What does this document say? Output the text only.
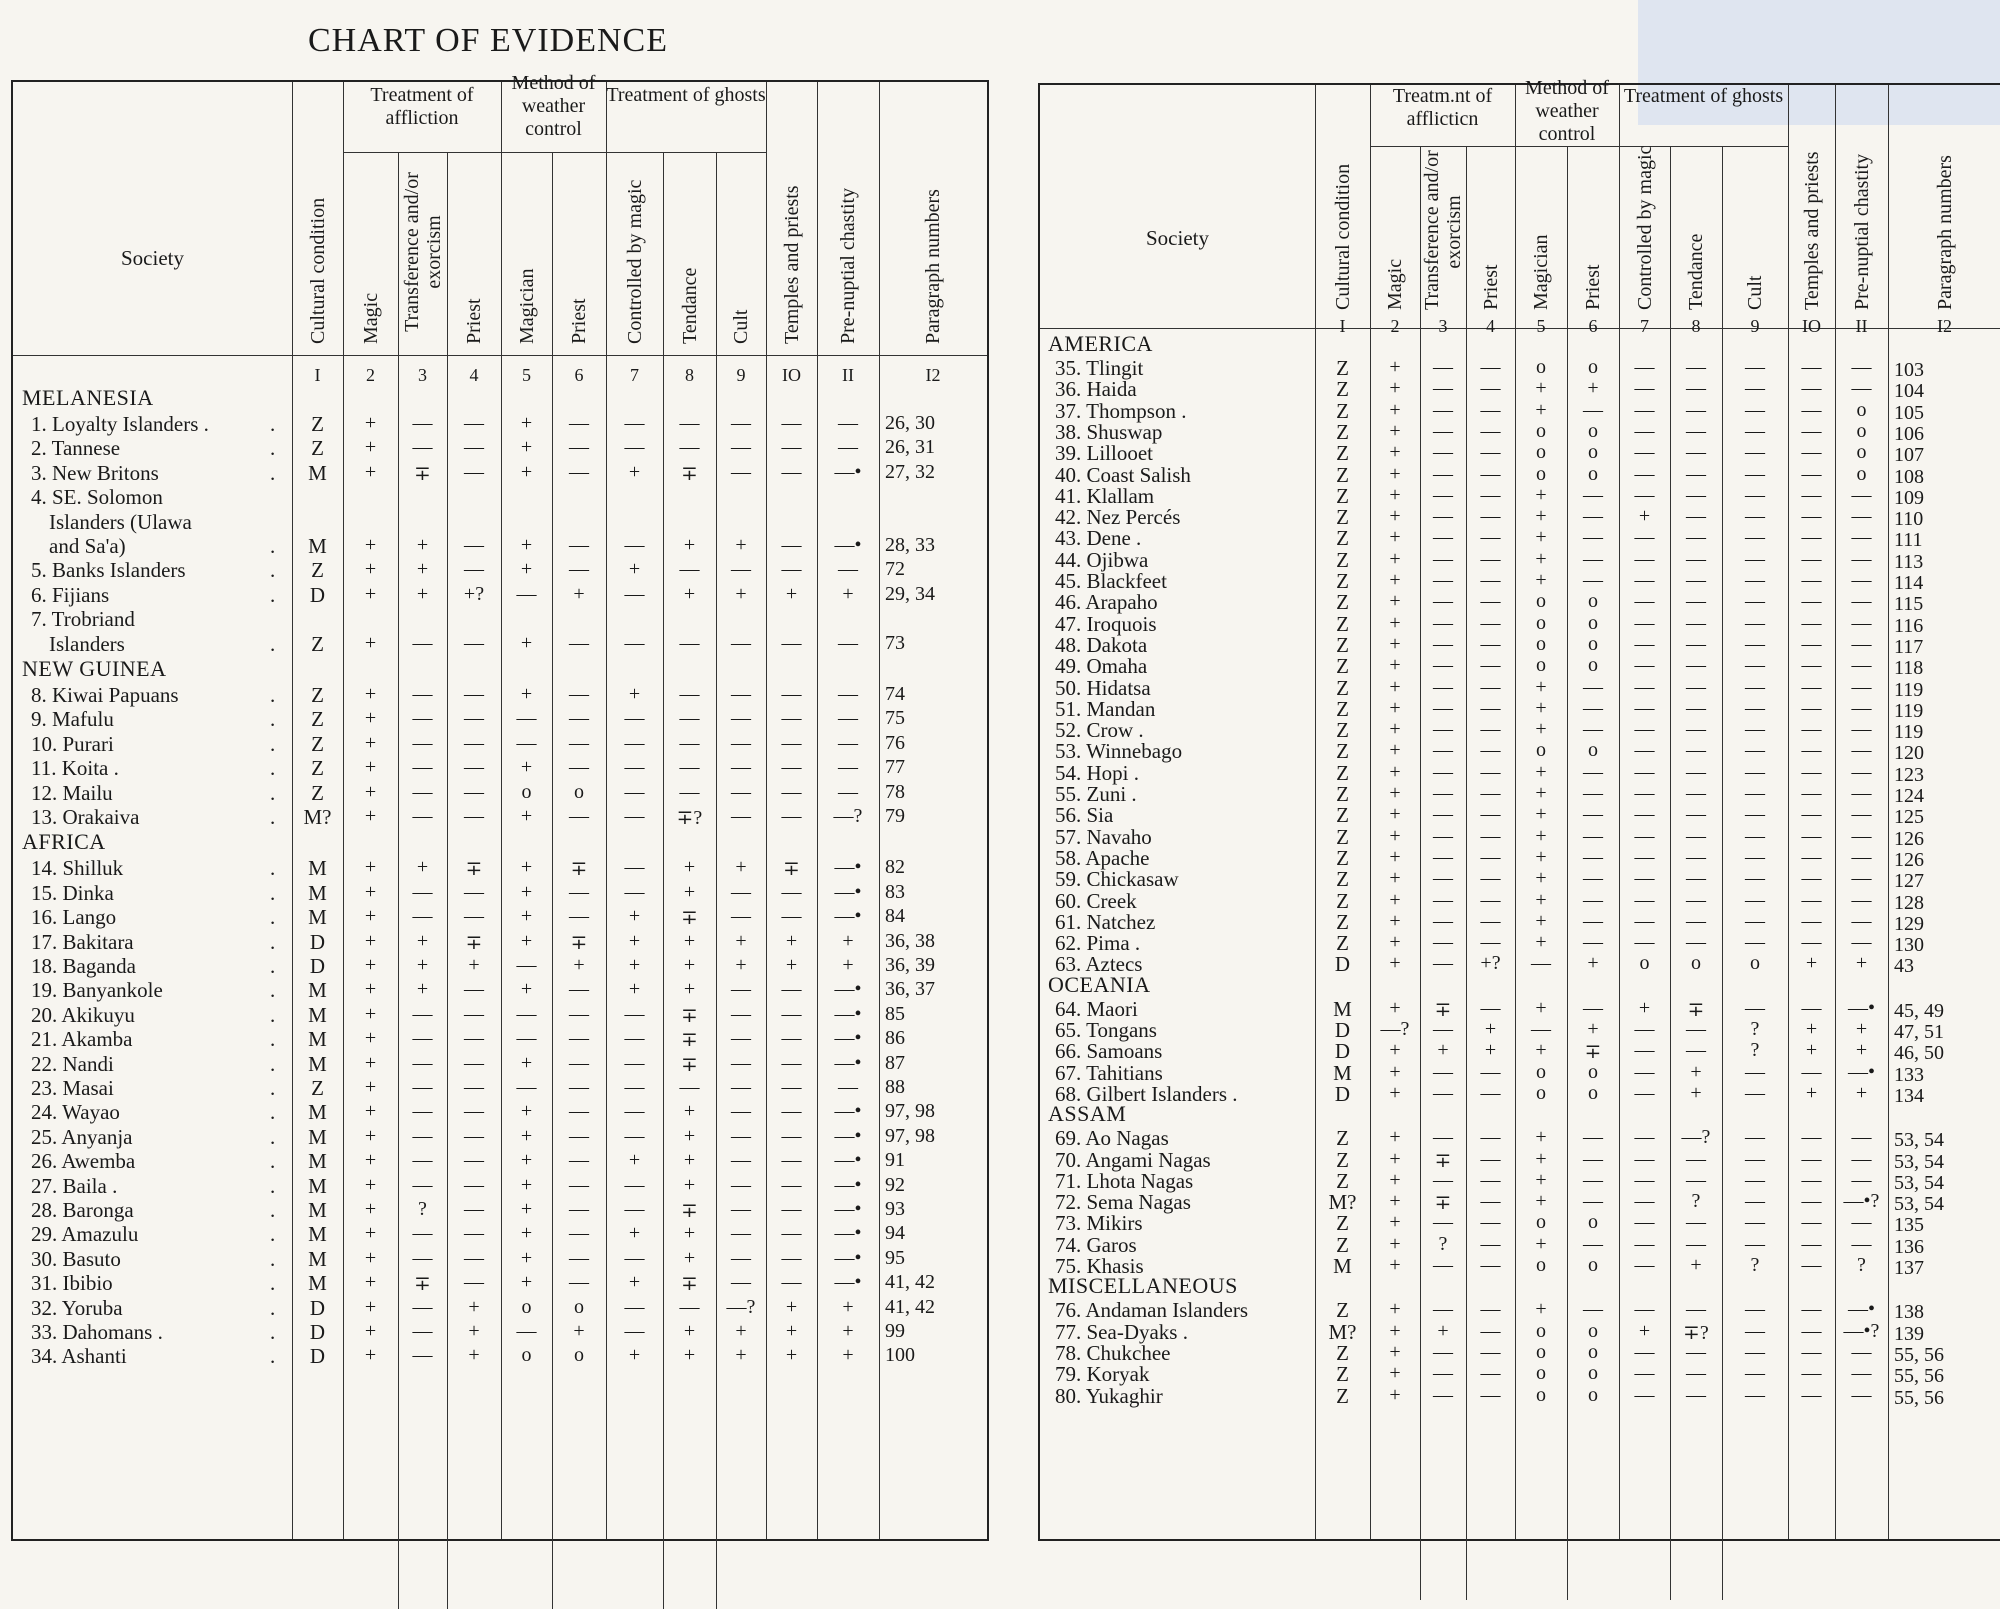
CHART OF EVIDENCE
Treatment of affliction
Method of weather control
Treatment of ghosts
Society	Cultural condition
I
Magic
2
Transference and/or exorcism
3
Priest
4
Magician
5
Priest
6
Controlled by magic
7
Tendance
8
Cult
9
Temples and priests
IO
Pre-nuptial chastity
II
Paragraph numbers
I2
MELANESIA
1. Loyalty Islanders .	.	Z	+	—	—	+	—	—	—	—	—	—	26, 30
2. Tannese	.	Z	+	—	—	+	—	—	—	—	—	—	26, 31
3. New Britons	.	M	+	∓	—	+	—	+	∓	—	—	—•	27, 32
4. SE. Solomon
Islanders (Ulawa
and Sa'a)	.	M	+	+	—	+	—	—	+	+	—	—•	28, 33
5. Banks Islanders	.	Z	+	+	—	+	—	+	—	—	—	—	72
6. Fijians	.	D	+	+	+?	—	+	—	+	+	+	+	29, 34
7. Trobriand
Islanders	.	Z	+	—	—	+	—	—	—	—	—	—	73
NEW GUINEA
8. Kiwai Papuans	.	Z	+	—	—	+	—	+	—	—	—	—	74
9. Mafulu	.	Z	+	—	—	—	—	—	—	—	—	—	75
10. Purari	.	Z	+	—	—	—	—	—	—	—	—	—	76
11. Koita .	.	Z	+	—	—	+	—	—	—	—	—	—	77
12. Mailu	.	Z	+	—	—	o	o	—	—	—	—	—	78
13. Orakaiva	.	M?	+	—	—	+	—	—	∓?	—	—	—?	79
AFRICA
14. Shilluk	.	M	+	+	∓	+	∓	—	+	+	∓	—•	82
15. Dinka	.	M	+	—	—	+	—	—	+	—	—	—•	83
16. Lango	.	M	+	—	—	+	—	+	∓	—	—	—•	84
17. Bakitara	.	D	+	+	∓	+	∓	+	+	+	+	+	36, 38
18. Baganda	.	D	+	+	+	—	+	+	+	+	+	+	36, 39
19. Banyankole	.	M	+	+	—	+	—	+	+	—	—	—•	36, 37
20. Akikuyu	.	M	+	—	—	—	—	—	∓	—	—	—•	85
21. Akamba	.	M	+	—	—	—	—	—	∓	—	—	—•	86
22. Nandi	.	M	+	—	—	+	—	—	∓	—	—	—•	87
23. Masai	.	Z	+	—	—	—	—	—	—	—	—	—	88
24. Wayao	.	M	+	—	—	+	—	—	+	—	—	—•	97, 98
25. Anyanja	.	M	+	—	—	+	—	—	+	—	—	—•	97, 98
26. Awemba	.	M	+	—	—	+	—	+	+	—	—	—•	91
27. Baila .	.	M	+	—	—	+	—	—	+	—	—	—•	92
28. Baronga	.	M	+	?	—	+	—	—	∓	—	—	—•	93
29. Amazulu	.	M	+	—	—	+	—	+	+	—	—	—•	94
30. Basuto	.	M	+	—	—	+	—	—	+	—	—	—•	95
31. Ibibio	.	M	+	∓	—	+	—	+	∓	—	—	—•	41, 42
32. Yoruba	.	D	+	—	+	o	o	—	—	—?	+	+	41, 42
33. Dahomans .	.	D	+	—	+	—	+	—	+	+	+	+	99
34. Ashanti	.	D	+	—	+	o	o	+	+	+	+	+	100
Treatm.nt of afflicticn
Method of weather control
Treatment of ghosts
Society	Cultural condition
I
Magic
2
Transference and/or exorcism
3
Priest
4
Magician
5
Priest
6
Controlled by magic
7
Tendance
8
Cult
9
Temples and priests
IO
Pre-nuptial chastity
II
Paragraph numbers
I2
AMERICA
35. Tlingit	Z	+	—	—	o	o	—	—	—	—	—	103
36. Haida	Z	+	—	—	+	+	—	—	—	—	—	104
37. Thompson .	Z	+	—	—	+	—	—	—	—	—	o	105
38. Shuswap	Z	+	—	—	o	o	—	—	—	—	o	106
39. Lillooet	Z	+	—	—	o	o	—	—	—	—	o	107
40. Coast Salish	Z	+	—	—	o	o	—	—	—	—	o	108
41. Klallam	Z	+	—	—	+	—	—	—	—	—	—	109
42. Nez Percés	Z	+	—	—	+	—	+	—	—	—	—	110
43. Dene .	Z	+	—	—	+	—	—	—	—	—	—	111
44. Ojibwa	Z	+	—	—	+	—	—	—	—	—	—	113
45. Blackfeet	Z	+	—	—	+	—	—	—	—	—	—	114
46. Arapaho	Z	+	—	—	o	o	—	—	—	—	—	115
47. Iroquois	Z	+	—	—	o	o	—	—	—	—	—	116
48. Dakota	Z	+	—	—	o	o	—	—	—	—	—	117
49. Omaha	Z	+	—	—	o	o	—	—	—	—	—	118
50. Hidatsa	Z	+	—	—	+	—	—	—	—	—	—	119
51. Mandan	Z	+	—	—	+	—	—	—	—	—	—	119
52. Crow .	Z	+	—	—	+	—	—	—	—	—	—	119
53. Winnebago	Z	+	—	—	o	o	—	—	—	—	—	120
54. Hopi .	Z	+	—	—	+	—	—	—	—	—	—	123
55. Zuni .	Z	+	—	—	+	—	—	—	—	—	—	124
56. Sia	Z	+	—	—	+	—	—	—	—	—	—	125
57. Navaho	Z	+	—	—	+	—	—	—	—	—	—	126
58. Apache	Z	+	—	—	+	—	—	—	—	—	—	126
59. Chickasaw	Z	+	—	—	+	—	—	—	—	—	—	127
60. Creek	Z	+	—	—	+	—	—	—	—	—	—	128
61. Natchez	Z	+	—	—	+	—	—	—	—	—	—	129
62. Pima .	Z	+	—	—	+	—	—	—	—	—	—	130
63. Aztecs	D	+	—	+?	—	+	o	o	o	+	+	43
OCEANIA
64. Maori	M	+	∓	—	+	—	+	∓	—	—	—• 45, 49
65. Tongans	D	—?	—	+	—	+	—	—	?	+	+	47, 51
66. Samoans	D	+	+	+	+	∓	—	—	?	+	+	46, 50
67. Tahitians	M	+	—	—	o	o	—	+	—	—	—• 133
68. Gilbert Islanders .	D	+	—	—	o	o	—	+	—	+	+	134
ASSAM
69. Ao Nagas	Z	+	—	—	+	—	—	—?	—	—	—	53, 54
70. Angami Nagas	Z	+	∓	—	+	—	—	—	—	—	—	53, 54
71. Lhota Nagas	Z	+	—	—	+	—	—	—	—	—	—	53, 54
72. Sema Nagas	M?	+	∓	—	+	—	—	?	—	—	—•? 53, 54
73. Mikirs	Z	+	—	—	o	o	—	—	—	—	—	135
74. Garos	Z	+	?	—	+	—	—	—	—	—	—	136
75. Khasis	M	+	—	—	o	o	—	+	?	—	?	137
MISCELLANEOUS
76. Andaman Islanders	Z	+	—	—	+	—	—	—	—	—	—• 138
77. Sea-Dyaks .	M?	+	+	—	o	o	+	∓?	—	—	—•? 139
78. Chukchee	Z	+	—	—	o	o	—	—	—	—	—	55, 56
79. Koryak	Z	+	—	—	o	o	—	—	—	—	—	55, 56
80. Yukaghir	Z	+	—	—	o	o	—	—	—	—	—	55, 56
